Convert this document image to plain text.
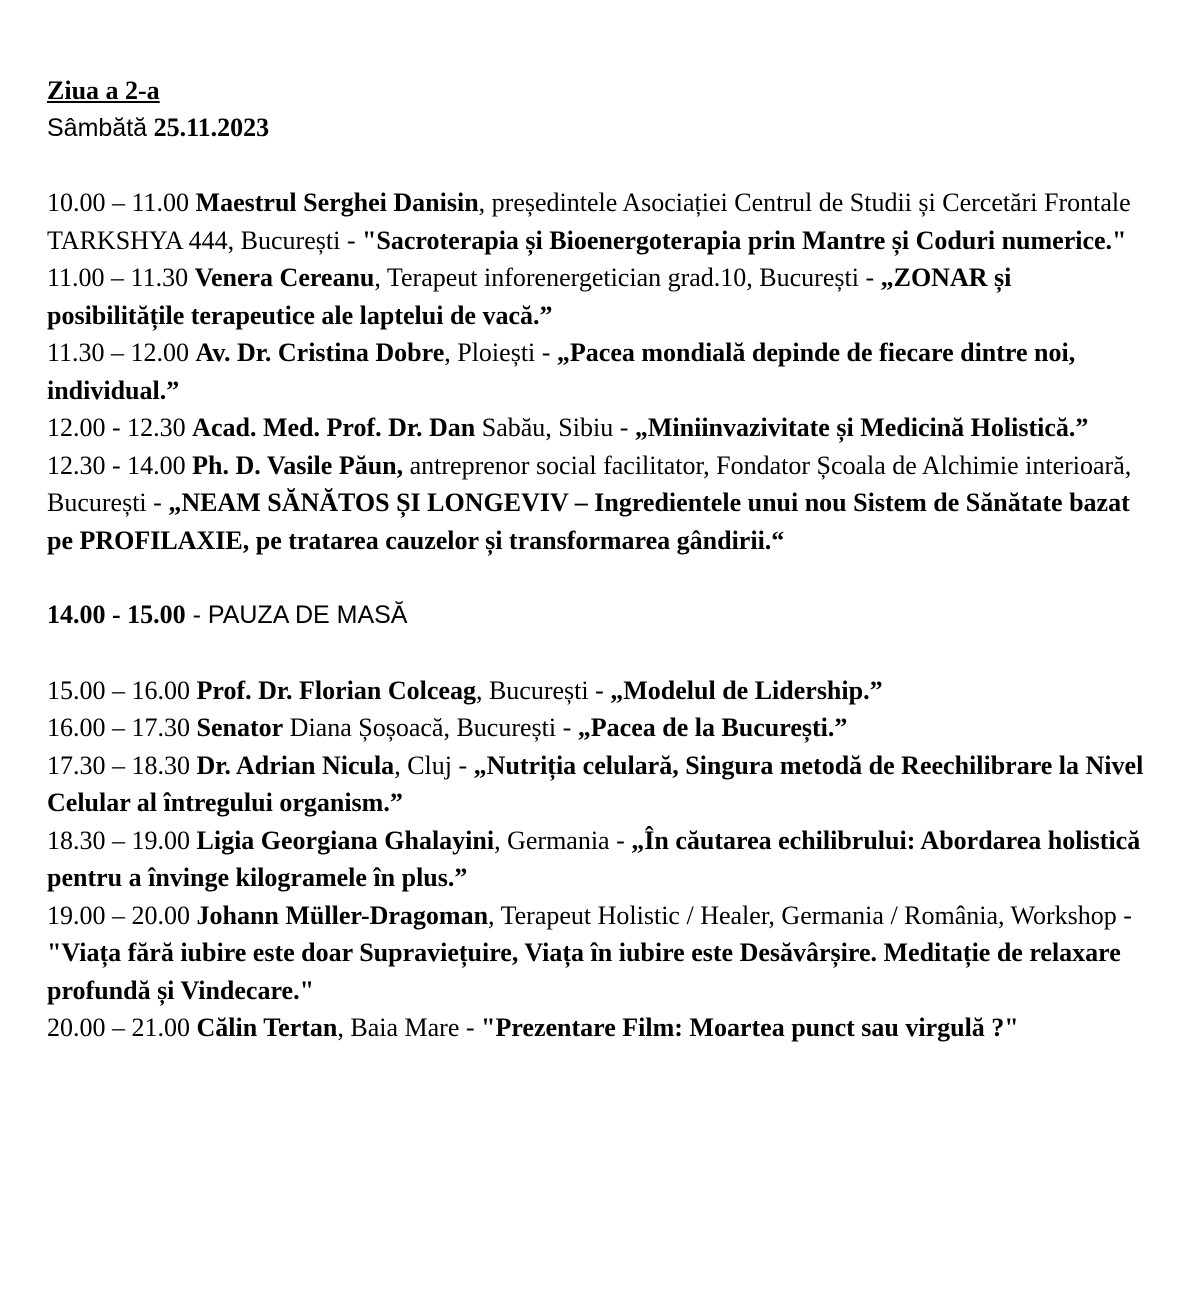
Ziua a 2-a

Sâmbătă 25.11.2023

10.00 – 11.00 Maestrul Serghei Danisin, președintele Asociației Centrul de Studii și Cercetări Frontale TARKSHYA 444, București - "Sacroterapia și Bioenergoterapia prin Mantre și Coduri numerice."

11.00 – 11.30 Venera Cereanu, Terapeut inforenergetician grad.10, București - „ZONAR și posibilitățile terapeutice ale laptelui de vacă.”

11.30 – 12.00 Av. Dr. Cristina Dobre, Ploiești - „Pacea mondială depinde de fiecare dintre noi, individual.”

12.00 - 12.30 Acad. Med. Prof. Dr. Dan Sabău, Sibiu - „Miniinvazivitate și Medicină Holistică.”

12.30 - 14.00 Ph. D. Vasile Păun, antreprenor social facilitator, Fondator Școala de Alchimie interioară, București - „NEAM SĂNĂTOS ȘI LONGEVIV – Ingredientele unui nou Sistem de Sănătate bazat pe PROFILAXIE, pe tratarea cauzelor și transformarea gândirii.“

14.00 - 15.00 - PAUZA DE MASĂ

15.00 – 16.00 Prof. Dr. Florian Colceag, București - „Modelul de Lidership.”

16.00 – 17.30 Senator Diana Șoșoacă, București - „Pacea de la București.”

17.30 – 18.30 Dr. Adrian Nicula, Cluj - „Nutriția celulară, Singura metodă de Reechilibrare la Nivel Celular al întregului organism.”

18.30 – 19.00 Ligia Georgiana Ghalayini, Germania - „În căutarea echilibrului: Abordarea holistică pentru a învinge kilogramele în plus.”

19.00 – 20.00 Johann Müller-Dragoman, Terapeut Holistic / Healer, Germania / România, Workshop - "Viața fără iubire este doar Supraviețuire, Viața în iubire este Desăvârșire. Meditație de relaxare profundă și Vindecare."

20.00 – 21.00 Călin Tertan, Baia Mare - "Prezentare Film: Moartea punct sau virgulă ?"
